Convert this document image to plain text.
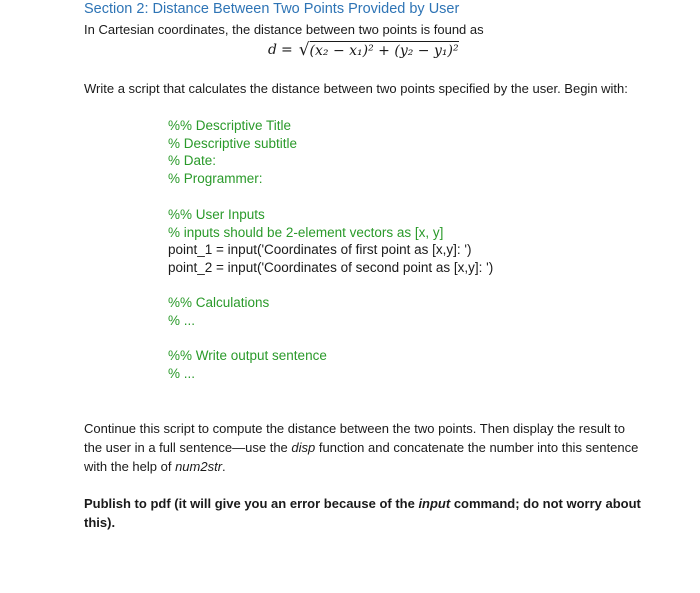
Section 2: Distance Between Two Points Provided by User
In Cartesian coordinates, the distance between two points is found as
d = √ (x₂ − x₁)² + (y₂ − y₁)²
Write a script that calculates the distance between two points specified by the user. Begin with:
%% Descriptive Title
% Descriptive subtitle
% Date:
% Programmer:
%% User Inputs
% inputs should be 2-element vectors as [x, y]
point_1 = input('Coordinates of first point as [x,y]: ')
point_2 = input('Coordinates of second point as [x,y]: ')
%% Calculations
% ...
%% Write output sentence
% ...
Continue this script to compute the distance between the two points. Then display the result to the user in a full sentence—use the disp function and concatenate the number into this sentence with the help of num2str.
Publish to pdf (it will give you an error because of the input command; do not worry about this).
